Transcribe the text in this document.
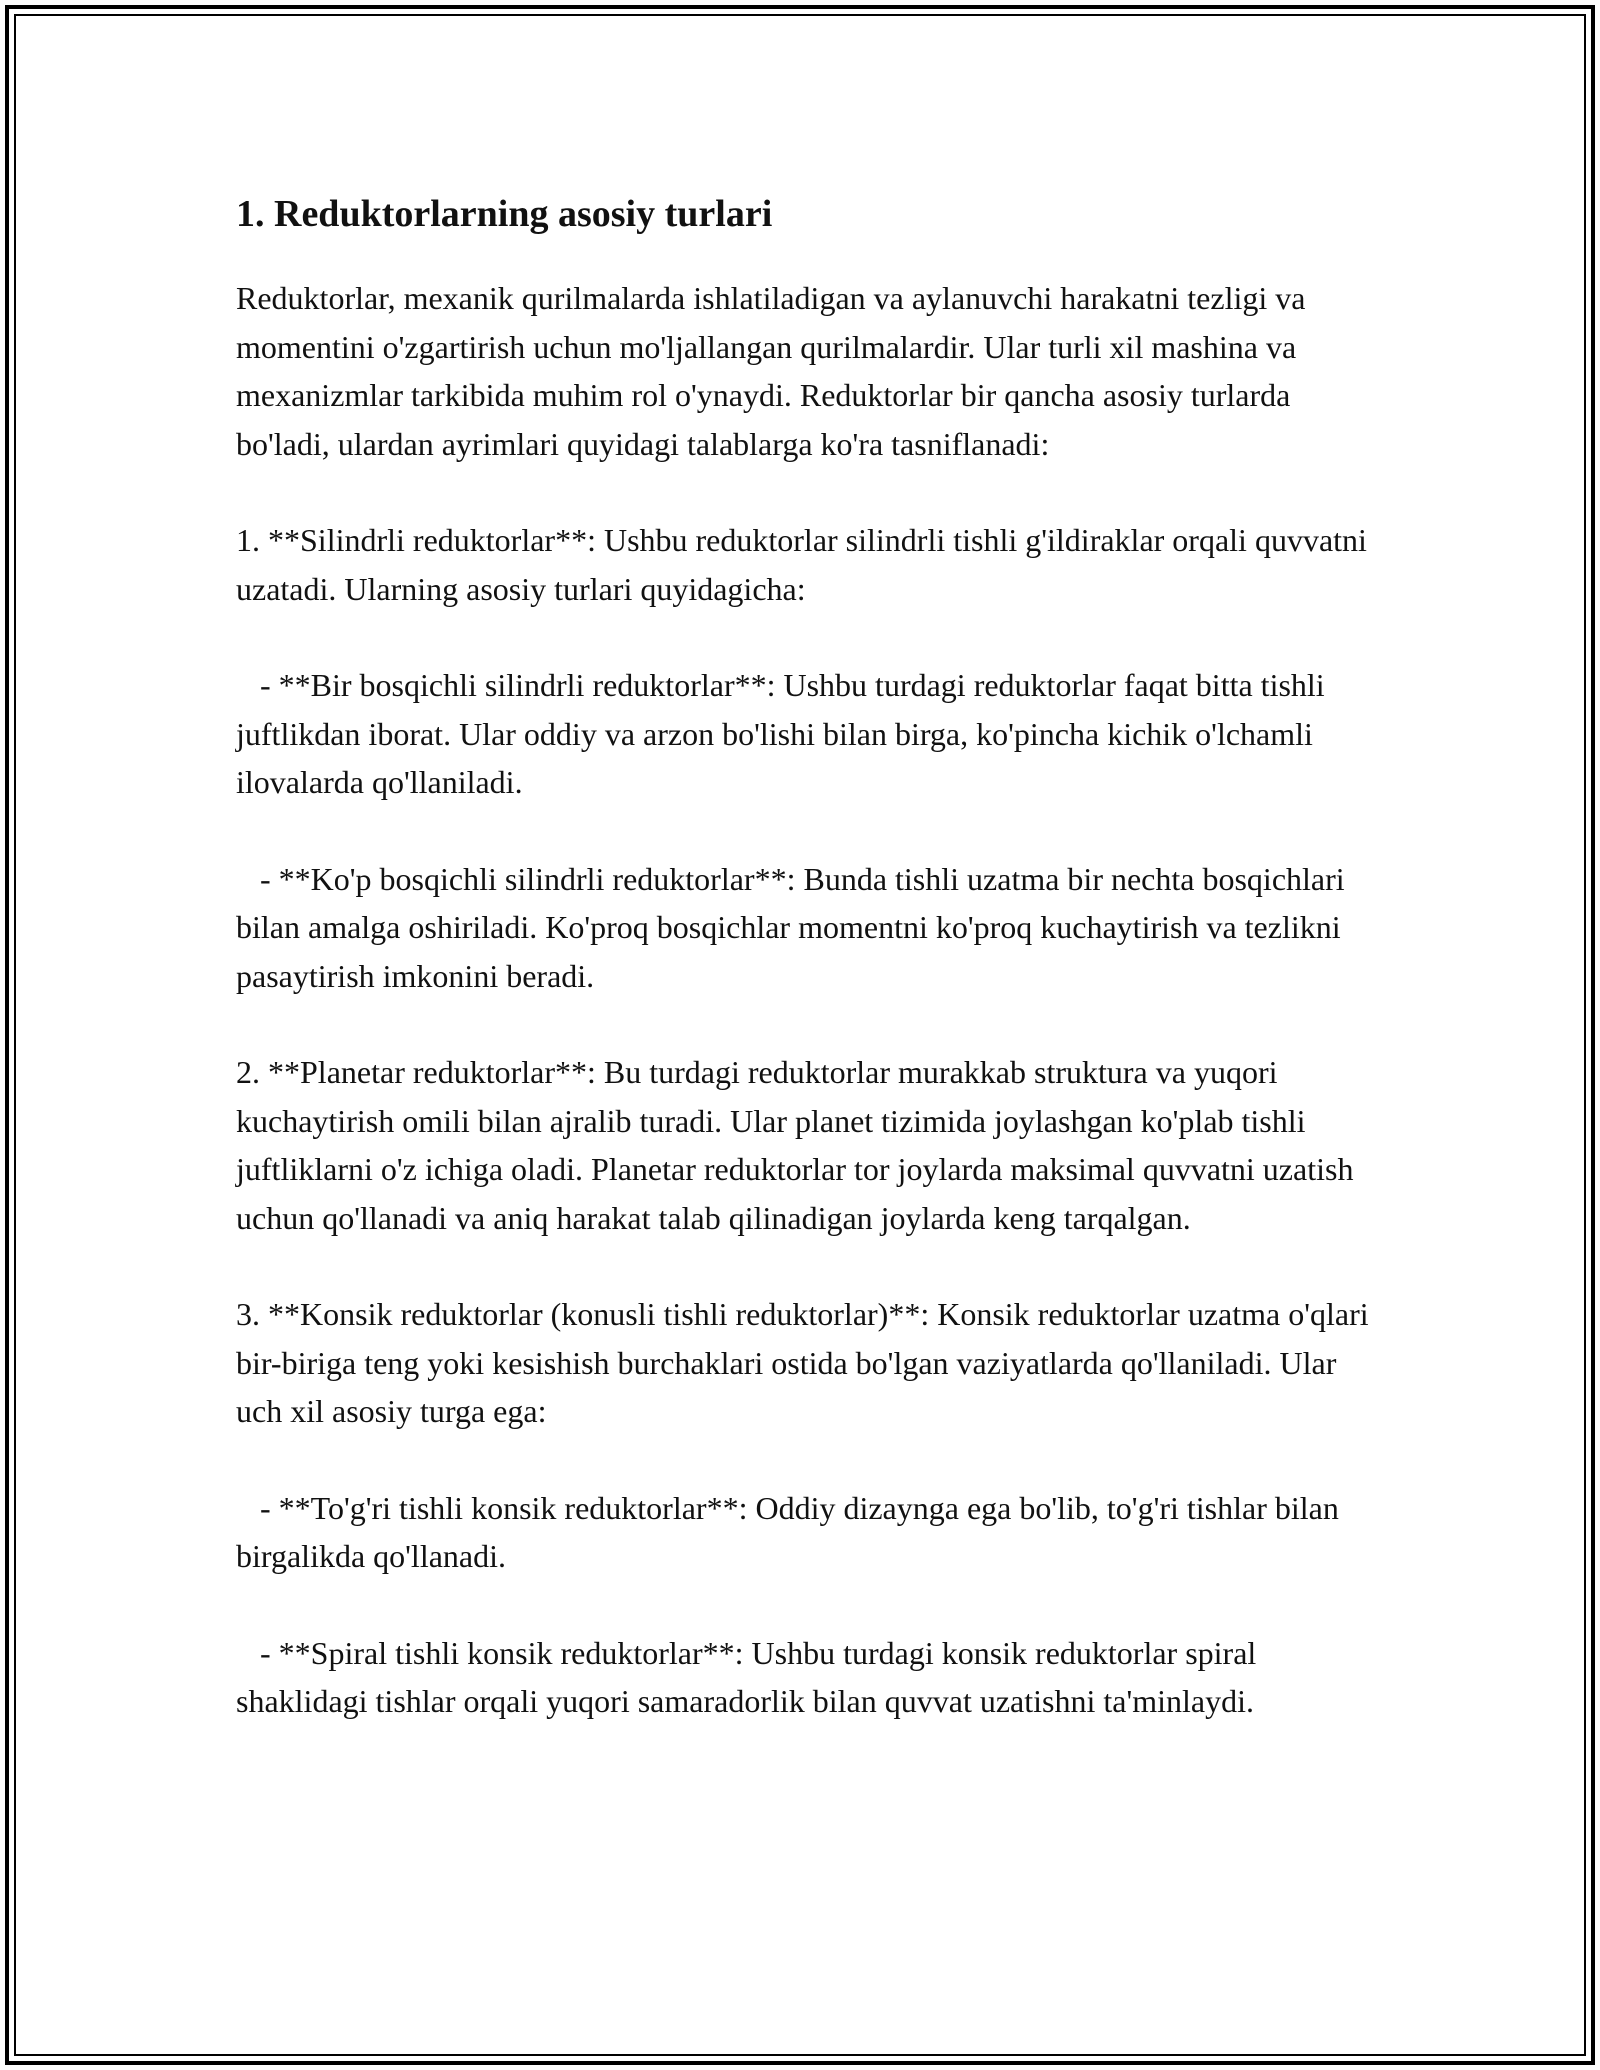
1. Reduktorlarning asosiy turlari

Reduktorlar, mexanik qurilmalarda ishlatiladigan va aylanuvchi harakatni tezligi va momentini o'zgartirish uchun mo'ljallangan qurilmalardir. Ular turli xil mashina va mexanizmlar tarkibida muhim rol o'ynaydi. Reduktorlar bir qancha asosiy turlarda bo'ladi, ulardan ayrimlari quyidagi talablarga ko'ra tasniflanadi:

1. **Silindrli reduktorlar**: Ushbu reduktorlar silindrli tishli g'ildiraklar orqali quvvatni uzatadi. Ularning asosiy turlari quyidagicha:

- **Bir bosqichli silindrli reduktorlar**: Ushbu turdagi reduktorlar faqat bitta tishli juftlikdan iborat. Ular oddiy va arzon bo'lishi bilan birga, ko'pincha kichik o'lchamli ilovalarda qo'llaniladi.

- **Ko'p bosqichli silindrli reduktorlar**: Bunda tishli uzatma bir nechta bosqichlari bilan amalga oshiriladi. Ko'proq bosqichlar momentni ko'proq kuchaytirish va tezlikni pasaytirish imkonini beradi.

2. **Planetar reduktorlar**: Bu turdagi reduktorlar murakkab struktura va yuqori kuchaytirish omili bilan ajralib turadi. Ular planet tizimida joylashgan ko'plab tishli juftliklarni o'z ichiga oladi. Planetar reduktorlar tor joylarda maksimal quvvatni uzatish uchun qo'llanadi va aniq harakat talab qilinadigan joylarda keng tarqalgan.

3. **Konsik reduktorlar (konusli tishli reduktorlar)**: Konsik reduktorlar uzatma o'qlari bir-biriga teng yoki kesishish burchaklari ostida bo'lgan vaziyatlarda qo'llaniladi. Ular uch xil asosiy turga ega:

- **To'g'ri tishli konsik reduktorlar**: Oddiy dizaynga ega bo'lib, to'g'ri tishlar bilan birgalikda qo'llanadi.

- **Spiral tishli konsik reduktorlar**: Ushbu turdagi konsik reduktorlar spiral shaklidagi tishlar orqali yuqori samaradorlik bilan quvvat uzatishni ta'minlaydi.
